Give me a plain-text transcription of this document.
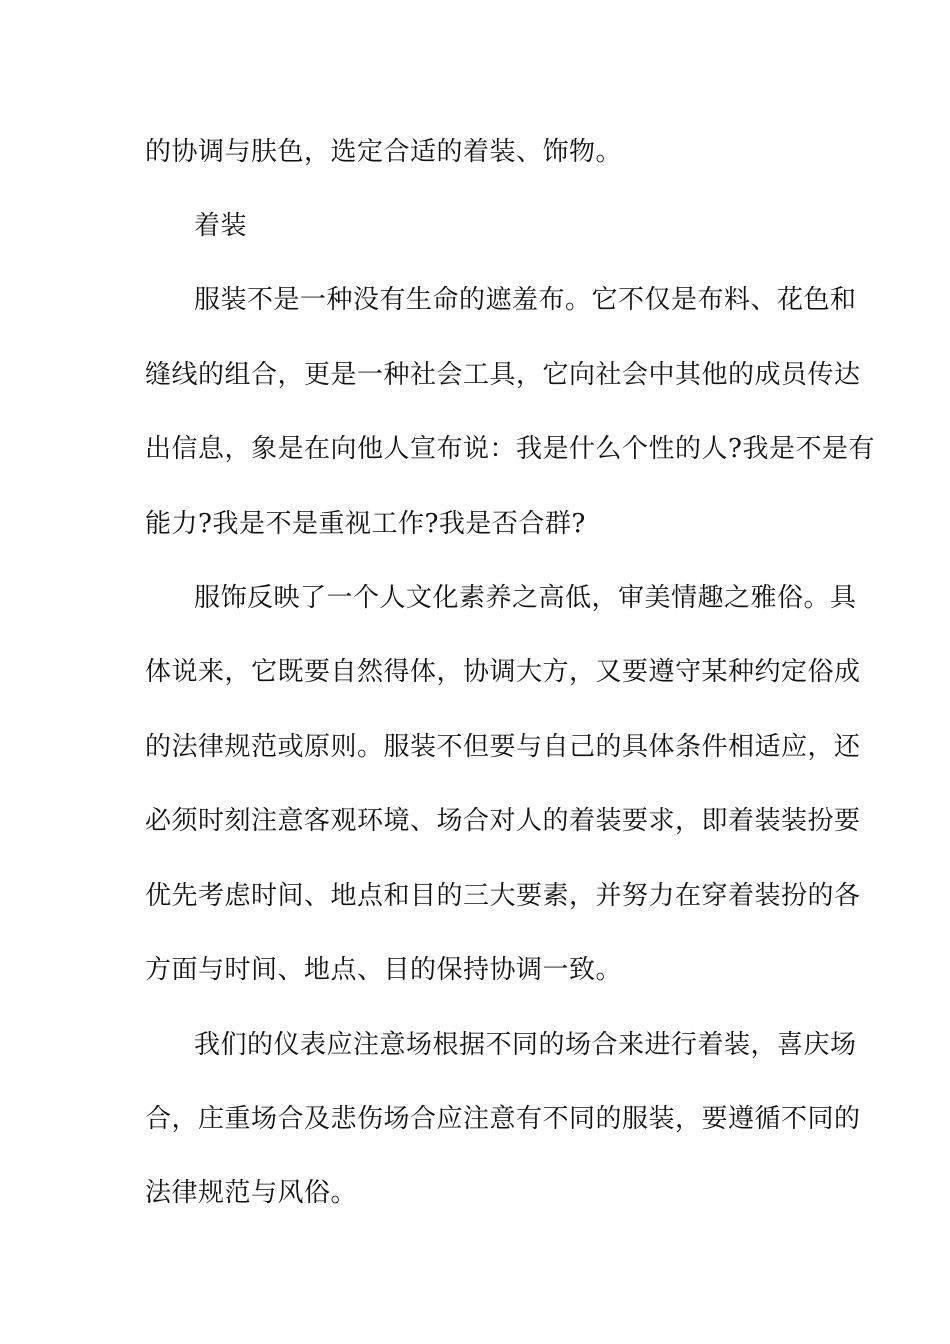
的协调与肤色，选定合适的着装、饰物。
着装
服装不是一种没有生命的遮羞布。它不仅是布料、花色和
缝线的组合，更是一种社会工具，它向社会中其他的成员传达
出信息，象是在向他人宣布说：我是什么个性的人?我是不是有
能力?我是不是重视工作?我是否合群?
服饰反映了一个人文化素养之高低，审美情趣之雅俗。具
体说来，它既要自然得体，协调大方，又要遵守某种约定俗成
的法律规范或原则。服装不但要与自己的具体条件相适应，还
必须时刻注意客观环境、场合对人的着装要求，即着装装扮要
优先考虑时间、地点和目的三大要素，并努力在穿着装扮的各
方面与时间、地点、目的保持协调一致。
我们的仪表应注意场根据不同的场合来进行着装，喜庆场
合，庄重场合及悲伤场合应注意有不同的服装，要遵循不同的
法律规范与风俗。
